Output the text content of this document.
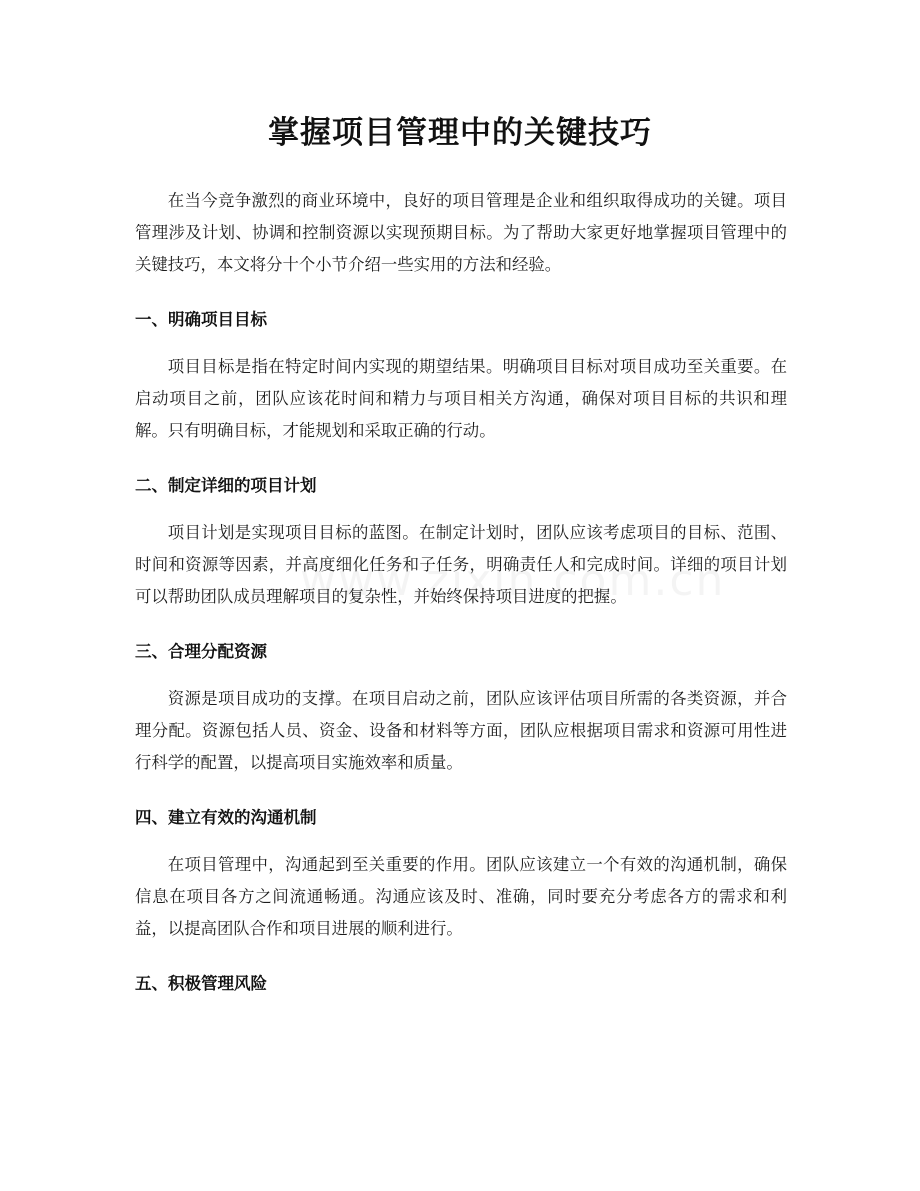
掌握项目管理中的关键技巧

在当今竞争激烈的商业环境中，良好的项目管理是企业和组织取得成功的关键。项目管理涉及计划、协调和控制资源以实现预期目标。为了帮助大家更好地掌握项目管理中的关键技巧，本文将分十个小节介绍一些实用的方法和经验。

一、明确项目目标

项目目标是指在特定时间内实现的期望结果。明确项目目标对项目成功至关重要。在启动项目之前，团队应该花时间和精力与项目相关方沟通，确保对项目目标的共识和理解。只有明确目标，才能规划和采取正确的行动。

二、制定详细的项目计划

项目计划是实现项目目标的蓝图。在制定计划时，团队应该考虑项目的目标、范围、时间和资源等因素，并高度细化任务和子任务，明确责任人和完成时间。详细的项目计划可以帮助团队成员理解项目的复杂性，并始终保持项目进度的把握。

三、合理分配资源

资源是项目成功的支撑。在项目启动之前，团队应该评估项目所需的各类资源，并合理分配。资源包括人员、资金、设备和材料等方面，团队应根据项目需求和资源可用性进行科学的配置，以提高项目实施效率和质量。

四、建立有效的沟通机制

在项目管理中，沟通起到至关重要的作用。团队应该建立一个有效的沟通机制，确保信息在项目各方之间流通畅通。沟通应该及时、准确，同时要充分考虑各方的需求和利益，以提高团队合作和项目进展的顺利进行。

五、积极管理风险
